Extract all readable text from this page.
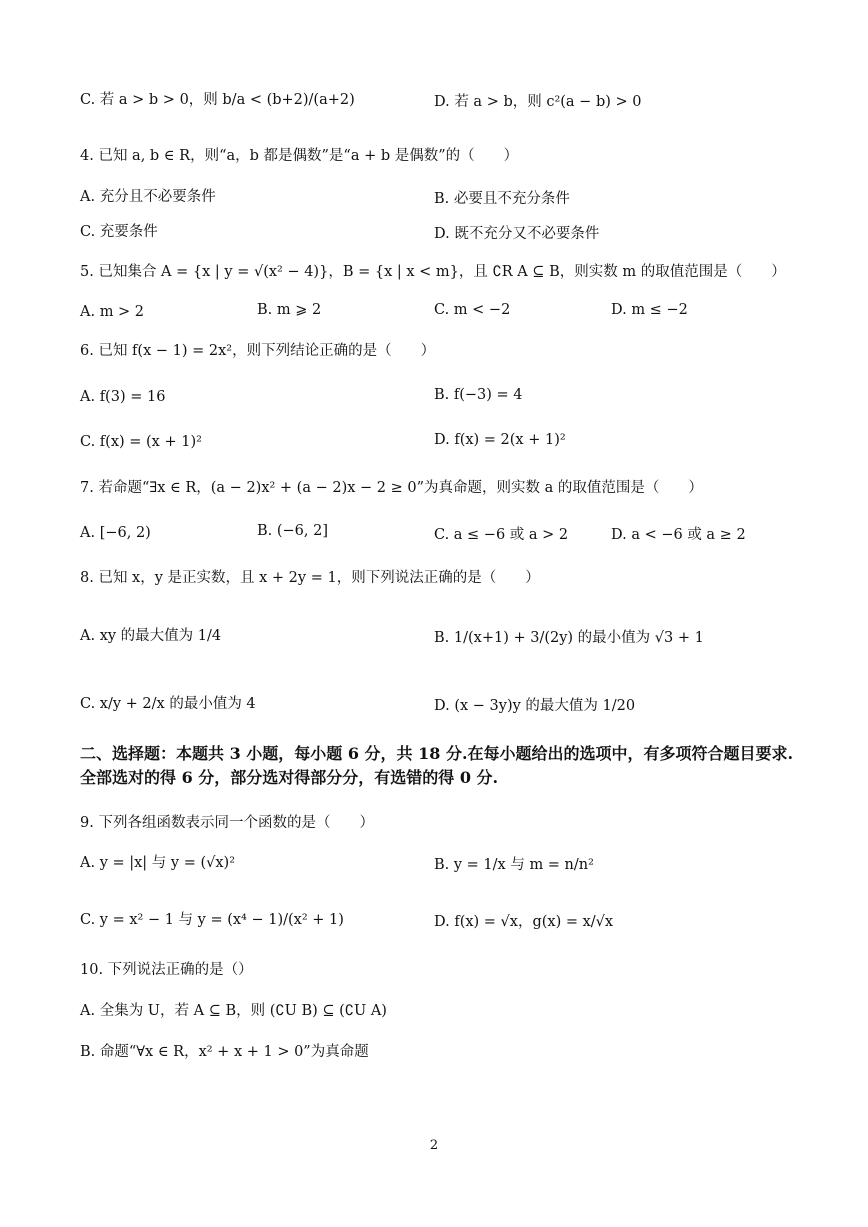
C. 若 a > b > 0，则 b/a < (b+2)/(a+2)	D. 若 a > b，则 c²(a − b) > 0
4. 已知 a, b ∈ R，则“a，b 都是偶数”是“a + b 是偶数”的（　　）
A. 充分且不必要条件	B. 必要且不充分条件
C. 充要条件	D. 既不充分又不必要条件
5. 已知集合 A = {x | y = √(x² − 4)}，B = {x | x < m}，且 ∁R A ⊆ B，则实数 m 的取值范围是（　　）
A. m > 2	B. m ⩾ 2	C. m < −2	D. m ≤ −2
6. 已知 f(x − 1) = 2x²，则下列结论正确的是（　　）
A. f(3) = 16	B. f(−3) = 4
C. f(x) = (x + 1)²	D. f(x) = 2(x + 1)²
7. 若命题“∃x ∈ R，(a − 2)x² + (a − 2)x − 2 ≥ 0”为真命题，则实数 a 的取值范围是（　　）
A. [−6, 2)	B. (−6, 2]	C. a ≤ −6 或 a > 2	D. a < −6 或 a ≥ 2
8. 已知 x，y 是正实数，且 x + 2y = 1，则下列说法正确的是（　　）
A. xy 的最大值为 1/4	B. 1/(x+1) + 3/(2y) 的最小值为 √3 + 1
C. x/y + 2/x 的最小值为 4	D. (x − 3y)y 的最大值为 1/20
二、选择题：本题共 3 小题，每小题 6 分，共 18 分.在每小题给出的选项中，有多项符合题目要求.全部选对的得 6 分，部分选对得部分分，有选错的得 0 分.
9. 下列各组函数表示同一个函数的是（　　）
A. y = |x| 与 y = (√x)²	B. y = 1/x 与 m = n/n²
C. y = x² − 1 与 y = (x⁴ − 1)/(x² + 1)	D. f(x) = √x，g(x) = x/√x
10. 下列说法正确的是（）
A. 全集为 U，若 A ⊆ B，则 (∁U B) ⊆ (∁U A)
B. 命题“∀x ∈ R，x² + x + 1 > 0”为真命题
2
